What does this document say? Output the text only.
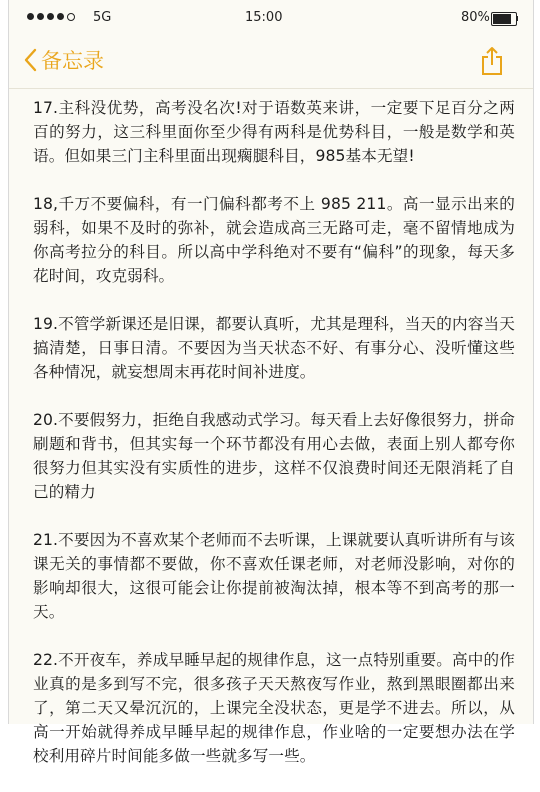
5G	15:00	80%
备忘录

17.主科没优势，高考没名次!对于语数英来讲，一定要下足百分之两百的努力，这三科里面你至少得有两科是优势科目，一般是数学和英语。但如果三门主科里面出现瘸腿科目，985基本无望!

18,千万不要偏科，有一门偏科都考不上 985 211。高一显示出来的弱科，如果不及时的弥补，就会造成高三无路可走，毫不留情地成为你高考拉分的科目。所以高中学科绝对不要有“偏科”的现象，每天多花时间，攻克弱科。

19.不管学新课还是旧课，都要认真听，尤其是理科，当天的内容当天搞清楚，日事日清。不要因为当天状态不好、有事分心、没听懂这些各种情况，就妄想周末再花时间补进度。

20.不要假努力，拒绝自我感动式学习。每天看上去好像很努力，拼命刷题和背书，但其实每一个环节都没有用心去做，表面上别人都夸你很努力但其实没有实质性的进步，这样不仅浪费时间还无限消耗了自己的精力

21.不要因为不喜欢某个老师而不去听课，上课就要认真听讲所有与该课无关的事情都不要做，你不喜欢任课老师，对老师没影响，对你的影响却很大，这很可能会让你提前被淘汰掉，根本等不到高考的那一天。

22.不开夜车，养成早睡早起的规律作息，这一点特别重要。高中的作业真的是多到写不完，很多孩子天天熬夜写作业，熬到黑眼圈都出来了，第二天又晕沉沉的，上课完全没状态，更是学不进去。所以，从高一开始就得养成早睡早起的规律作息，作业啥的一定要想办法在学校利用碎片时间能多做一些就多写一些。
